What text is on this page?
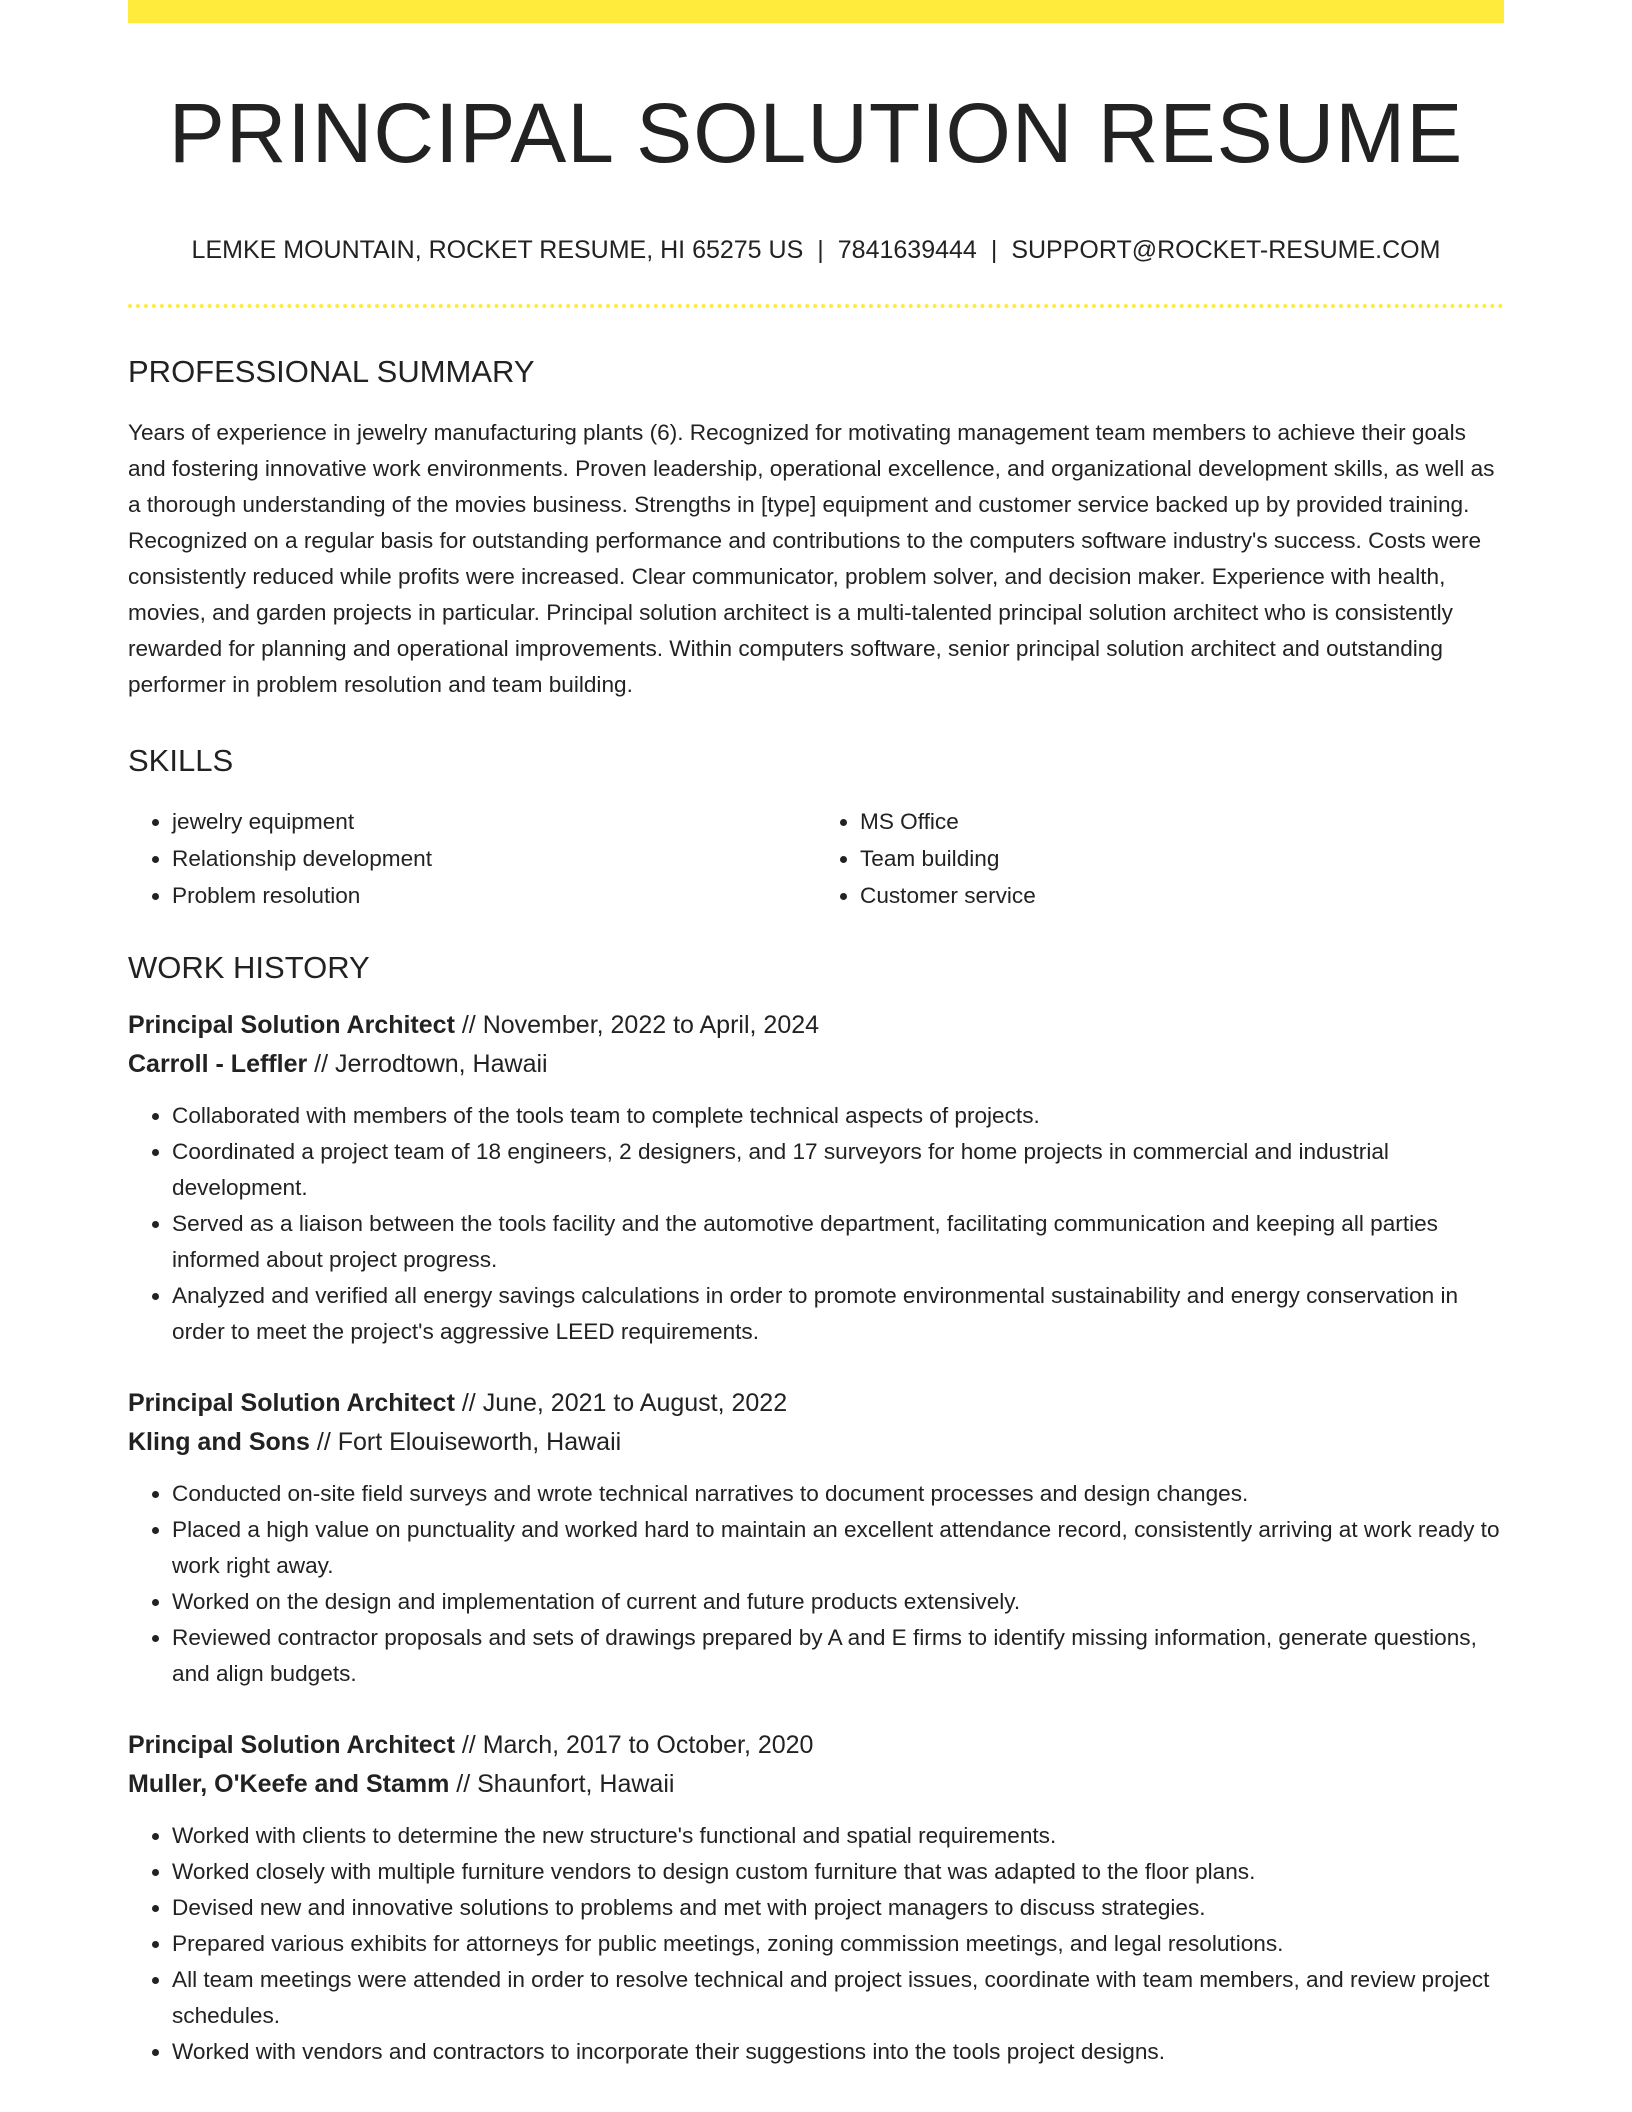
PRINCIPAL SOLUTION RESUME
LEMKE MOUNTAIN, ROCKET RESUME, HI 65275 US | 7841639444 | SUPPORT@ROCKET-RESUME.COM
PROFESSIONAL SUMMARY
Years of experience in jewelry manufacturing plants (6). Recognized for motivating management team members to achieve their goals and fostering innovative work environments. Proven leadership, operational excellence, and organizational development skills, as well as a thorough understanding of the movies business. Strengths in [type] equipment and customer service backed up by provided training. Recognized on a regular basis for outstanding performance and contributions to the computers software industry's success. Costs were consistently reduced while profits were increased. Clear communicator, problem solver, and decision maker. Experience with health, movies, and garden projects in particular. Principal solution architect is a multi-talented principal solution architect who is consistently rewarded for planning and operational improvements. Within computers software, senior principal solution architect and outstanding performer in problem resolution and team building.
SKILLS
• jewelry equipment
• Relationship development
• Problem resolution
• MS Office
• Team building
• Customer service
WORK HISTORY
Principal Solution Architect // November, 2022 to April, 2024
Carroll - Leffler // Jerrodtown, Hawaii
• Collaborated with members of the tools team to complete technical aspects of projects.
• Coordinated a project team of 18 engineers, 2 designers, and 17 surveyors for home projects in commercial and industrial development.
• Served as a liaison between the tools facility and the automotive department, facilitating communication and keeping all parties informed about project progress.
• Analyzed and verified all energy savings calculations in order to promote environmental sustainability and energy conservation in order to meet the project's aggressive LEED requirements.
Principal Solution Architect // June, 2021 to August, 2022
Kling and Sons // Fort Elouiseworth, Hawaii
• Conducted on-site field surveys and wrote technical narratives to document processes and design changes.
• Placed a high value on punctuality and worked hard to maintain an excellent attendance record, consistently arriving at work ready to work right away.
• Worked on the design and implementation of current and future products extensively.
• Reviewed contractor proposals and sets of drawings prepared by A and E firms to identify missing information, generate questions, and align budgets.
Principal Solution Architect // March, 2017 to October, 2020
Muller, O'Keefe and Stamm // Shaunfort, Hawaii
• Worked with clients to determine the new structure's functional and spatial requirements.
• Worked closely with multiple furniture vendors to design custom furniture that was adapted to the floor plans.
• Devised new and innovative solutions to problems and met with project managers to discuss strategies.
• Prepared various exhibits for attorneys for public meetings, zoning commission meetings, and legal resolutions.
• All team meetings were attended in order to resolve technical and project issues, coordinate with team members, and review project schedules.
• Worked with vendors and contractors to incorporate their suggestions into the tools project designs.
